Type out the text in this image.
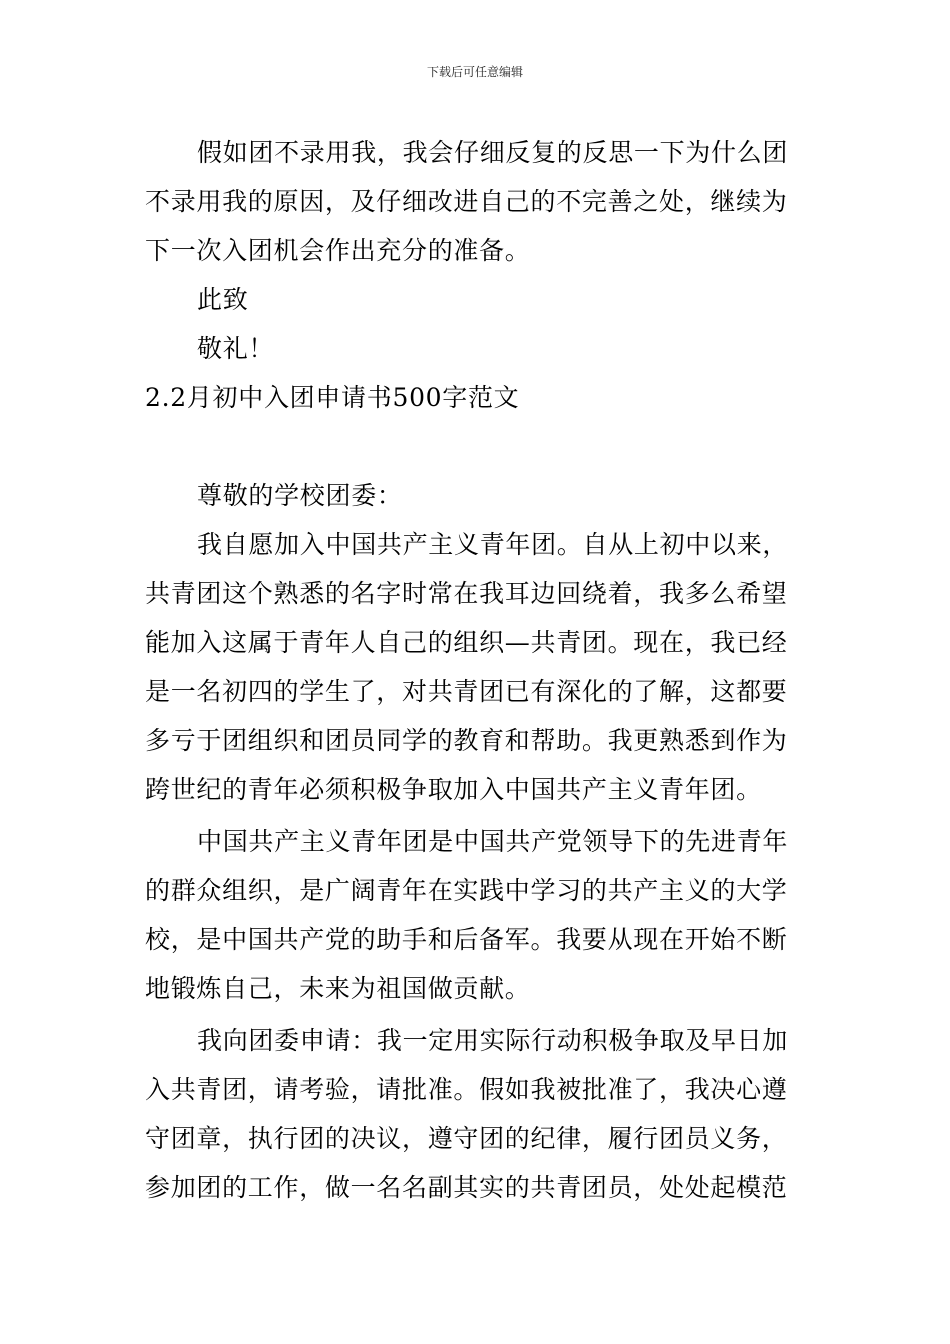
下载后可任意编辑

假如团不录用我，我会仔细反复的反思一下为什么团
不录用我的原因，及仔细改进自己的不完善之处，继续为
下一次入团机会作出充分的准备。

此致

敬礼！

2.2月初中入团申请书500字范文

尊敬的学校团委：

我自愿加入中国共产主义青年团。自从上初中以来，
共青团这个熟悉的名字时常在我耳边回绕着，我多么希望
能加入这属于青年人自己的组织—共青团。现在，我已经
是一名初四的学生了，对共青团已有深化的了解，这都要
多亏于团组织和团员同学的教育和帮助。我更熟悉到作为
跨世纪的青年必须积极争取加入中国共产主义青年团。

中国共产主义青年团是中国共产党领导下的先进青年
的群众组织，是广阔青年在实践中学习的共产主义的大学
校，是中国共产党的助手和后备军。我要从现在开始不断
地锻炼自己，未来为祖国做贡献。

我向团委申请：我一定用实际行动积极争取及早日加
入共青团，请考验，请批准。假如我被批准了，我决心遵
守团章，执行团的决议，遵守团的纪律，履行团员义务，
参加团的工作，做一名名副其实的共青团员，处处起模范
